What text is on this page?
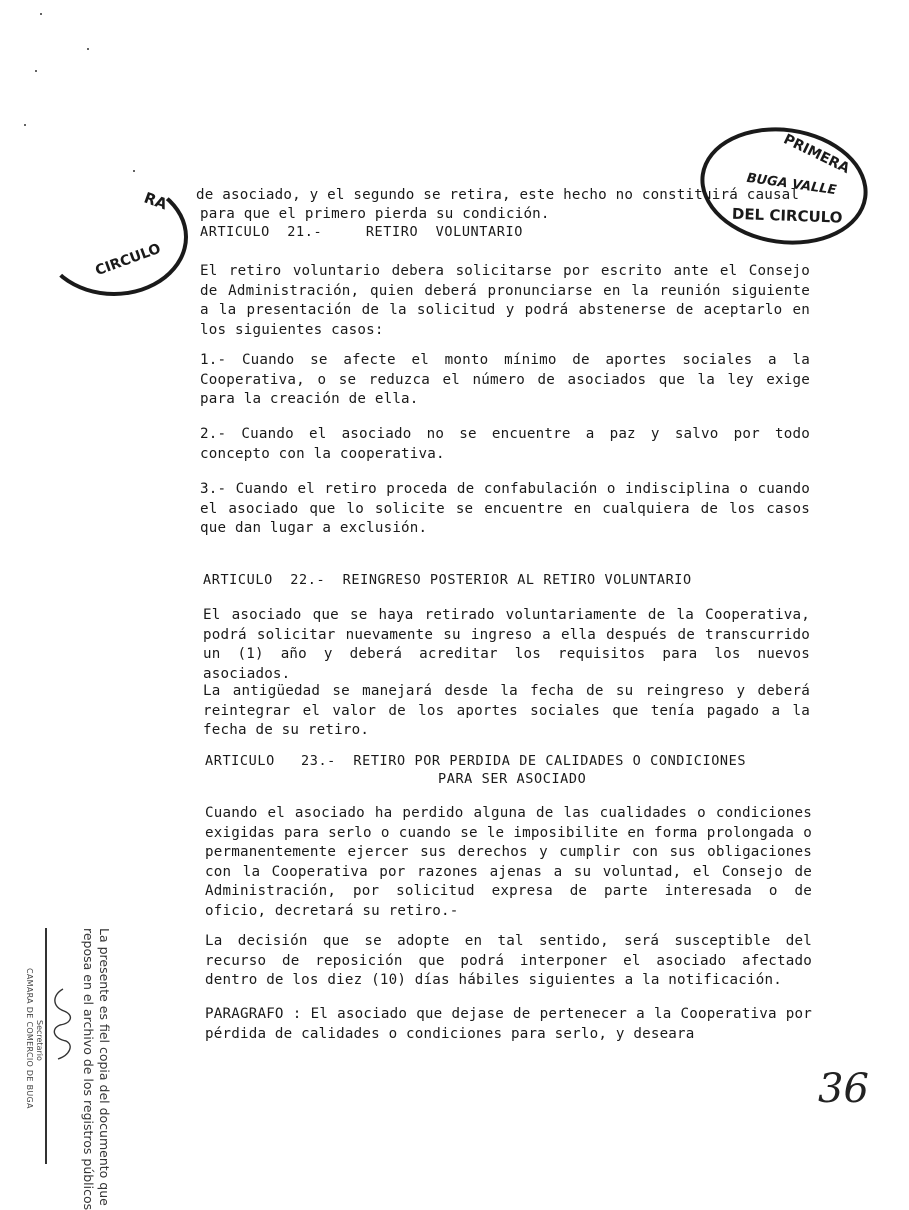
RA
CIRCULO
PRIMERA
BUGA VALLE
DEL CIRCULO

de asociado, y el segundo se retira, este hecho no constituirá causal

para que el primero pierda su condición.

ARTICULO  21.-     RETIRO  VOLUNTARIO

El retiro voluntario debera solicitarse por escrito ante el Consejo de Administración, quien deberá pronunciarse en la reunión siguiente a la presentación de la solicitud y podrá abstenerse de aceptarlo en los siguientes casos:

1.- Cuando se afecte el monto mínimo de aportes sociales a la Cooperativa, o se reduzca el número de asociados que la ley exige para la creación de ella.

2.- Cuando el asociado no se encuentre a paz y salvo por todo concepto con la cooperativa.

3.- Cuando el retiro proceda de confabulación o indisciplina o cuando el asociado que lo solicite se encuentre en cualquiera de los casos que dan lugar a exclusión.

ARTICULO  22.-  REINGRESO POSTERIOR AL RETIRO VOLUNTARIO

El asociado que se haya retirado voluntariamente de la Cooperativa, podrá solicitar nuevamente su ingreso a ella después de transcurrido un (1) año y deberá acreditar los requisitos para los nuevos asociados.

La antigüedad se manejará desde la fecha de su reingreso y deberá reintegrar el valor de los aportes sociales que tenía pagado a la fecha de su retiro.

ARTICULO   23.-  RETIRO POR PERDIDA DE CALIDADES O CONDICIONES

PARA SER ASOCIADO

Cuando el asociado ha perdido alguna de las cualidades o condiciones exigidas para serlo o cuando se le imposibilite en forma prolongada o permanentemente ejercer sus derechos y cumplir con sus obligaciones con la Cooperativa por razones ajenas a su voluntad, el Consejo de Administración, por solicitud expresa de parte interesada o de oficio, decretará su retiro.-

La decisión que se adopte en tal sentido, será susceptible del recurso de reposición que podrá interponer el asociado afectado dentro de los diez (10) días hábiles siguientes a la notificación.

PARAGRAFO : El asociado que dejase de pertenecer a la Cooperativa por pérdida de calidades o condiciones para serlo, y deseara

La presente es fiel copia del documento que
reposa en el archivo de los registros públicos
Secretario
CAMARA DE COMERCIO DE BUGA	36
